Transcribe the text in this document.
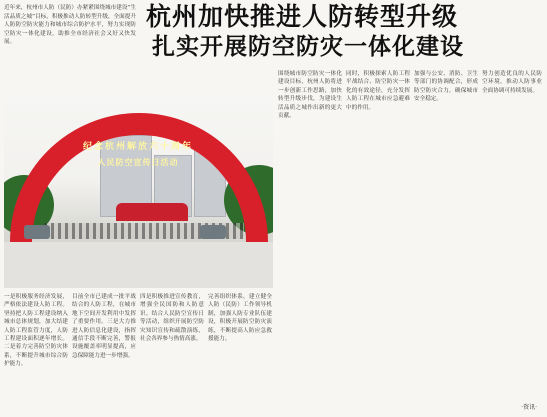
近年来，杭州市人防（民防）办紧紧围绕城市建设“生活品质之城”目标，积极推动人防转型升级，全面提升人防防空防灾能力和城市综合防护水平，努力实现防空防灾一体化建设，助推全市经济社会又好又快发展。
杭州加快推进人防转型升级
扎实开展防空防灾一体化建设
纪念杭州解放六十周年
人民防空宣传日活动
一是积极服务经济发展，严格依法建设人防工程。坚持把人防工程建设纳入城市总体规划，加大结建人防工程监管力度，人防工程建设面积逐年增长。二是着力完善防空防灾体系，不断提升城市综合防护能力。
目前全市已建成一批平战结合的人防工程，在城市地下空间开发利用中发挥了重要作用。三是大力推进人防信息化建设，指挥通信手段不断完善，警报设施覆盖率明显提高，应急保障能力进一步增强。
四是积极推进宣传教育，增强全民国防和人防意识。结合人民防空宣传日等活动，组织开展防空防灾知识宣传和疏散演练，社会各界参与热情高涨。
完善组织体系，建立健全人防（民防）工作领导机制，加强人防专业队伍建设，积极开展防空防灾演练，不断提高人防应急救援能力。
围绕城市防空防灾一体化建设目标，杭州人防将进一步创新工作思路，加快转型升级步伐，为建设生活品质之城作出新的更大贡献。
同时，积极探索人防工程平战结合、防空防灾一体化的有效途径，充分发挥人防工程在城市应急避难中的作用。
加强与公安、消防、卫生等部门的协调配合，形成防空防灾合力，确保城市安全稳定。
努力创造优良的人民防空环境，推动人防事业全面协调可持续发展。
·资讯·
